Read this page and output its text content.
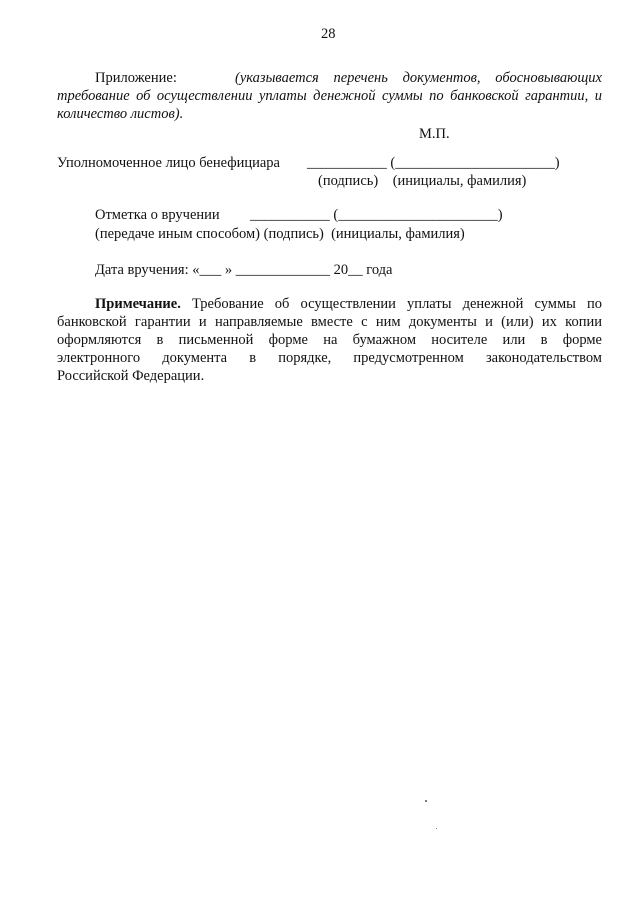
28
Приложение:	(указывается перечень документов, обосновывающих
требование об осуществлении уплаты денежной суммы по банковской гарантии, и
количество листов).
М.П.
Уполномоченное лицо бенефициара ___________ (______________________)
(подпись)    (инициалы, фамилия)
Отметка о вручении ___________ (______________________)
(передаче иным способом) (подпись)  (инициалы, фамилия)
Дата вручения: «___ » _____________ 20__ года
Примечание. Требование об осуществлении уплаты денежной суммы по
банковской гарантии и направляемые вместе с ним документы и (или) их копии
оформляются в письменной форме на бумажном носителе или в форме
электронного документа в порядке, предусмотренном законодательством
Российской Федерации.
